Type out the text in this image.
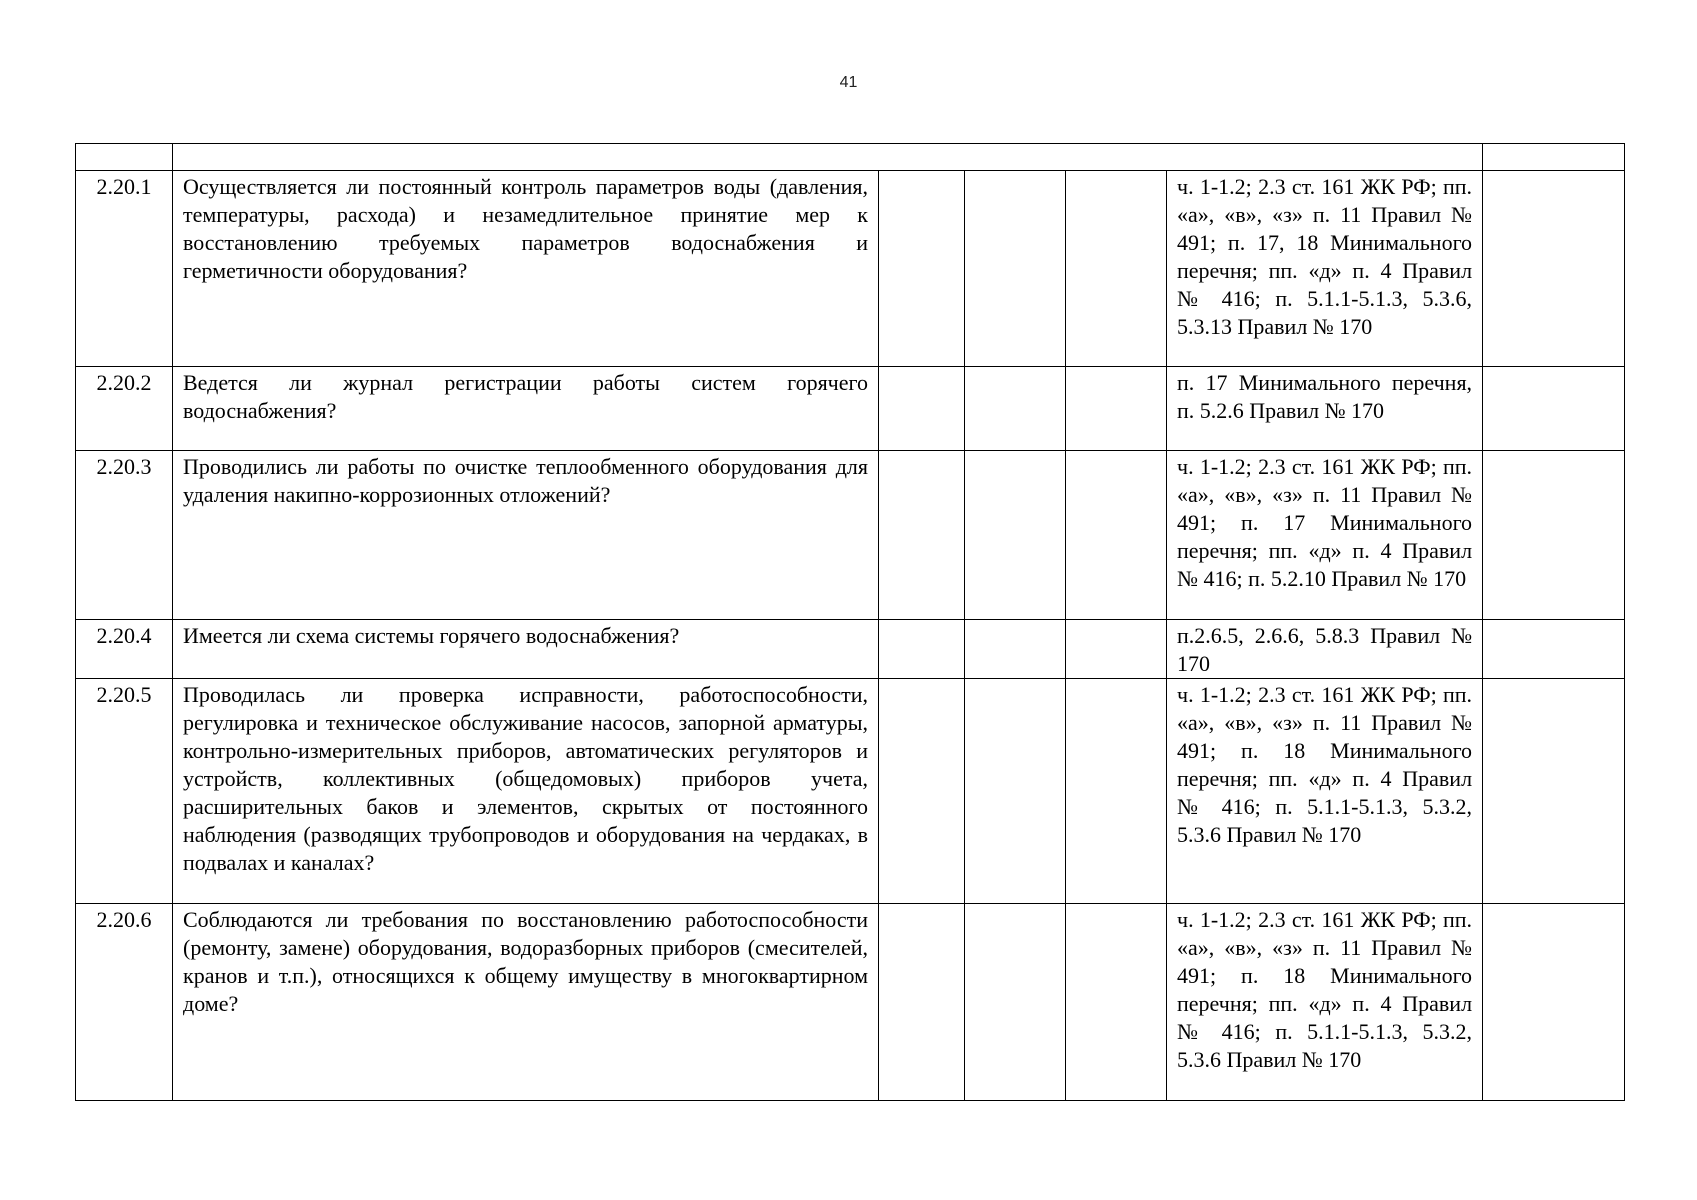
41

2.20.1	Осуществляется ли постоянный контроль параметров воды (давления, температуры, расхода) и незамедлительное принятие мер к восстановлению требуемых параметров водоснабжения и герметичности оборудования?				ч. 1-1.2; 2.3 ст. 161 ЖК РФ; пп. «а», «в», «з» п. 11 Правил № 491; п. 17, 18 Минимального перечня; пп. «д» п. 4 Правил № 416; п. 5.1.1-5.1.3, 5.3.6, 5.3.13 Правил № 170	
2.20.2	Ведется ли журнал регистрации работы систем горячего водоснабжения?				п. 17 Минимального перечня, п. 5.2.6 Правил № 170	
2.20.3	Проводились ли работы по очистке теплообменного оборудования для удаления накипно-коррозионных отложений?				ч. 1-1.2; 2.3 ст. 161 ЖК РФ; пп. «а», «в», «з» п. 11 Правил № 491; п. 17 Минимального перечня; пп. «д» п. 4 Правил № 416; п. 5.2.10 Правил № 170	
2.20.4	Имеется ли схема системы горячего водоснабжения?				п.2.6.5, 2.6.6, 5.8.3 Правил № 170	
2.20.5	Проводилась ли проверка исправности, работоспособности, регулировка и техническое обслуживание насосов, запорной арматуры, контрольно-измерительных приборов, автоматических регуляторов и устройств, коллективных (общедомовых) приборов учета, расширительных баков и элементов, скрытых от постоянного наблюдения (разводящих трубопроводов и оборудования на чердаках, в подвалах и каналах?				ч. 1-1.2; 2.3 ст. 161 ЖК РФ; пп. «а», «в», «з» п. 11 Правил № 491; п. 18 Минимального перечня; пп. «д» п. 4 Правил № 416; п. 5.1.1-5.1.3, 5.3.2, 5.3.6 Правил № 170	
2.20.6	Соблюдаются ли требования по восстановлению работоспособности (ремонту, замене) оборудования, водоразборных приборов (смесителей, кранов и т.п.), относящихся к общему имуществу в многоквартирном доме?				ч. 1-1.2; 2.3 ст. 161 ЖК РФ; пп. «а», «в», «з» п. 11 Правил № 491; п. 18 Минимального перечня; пп. «д» п. 4 Правил № 416; п. 5.1.1-5.1.3, 5.3.2, 5.3.6 Правил № 170	
